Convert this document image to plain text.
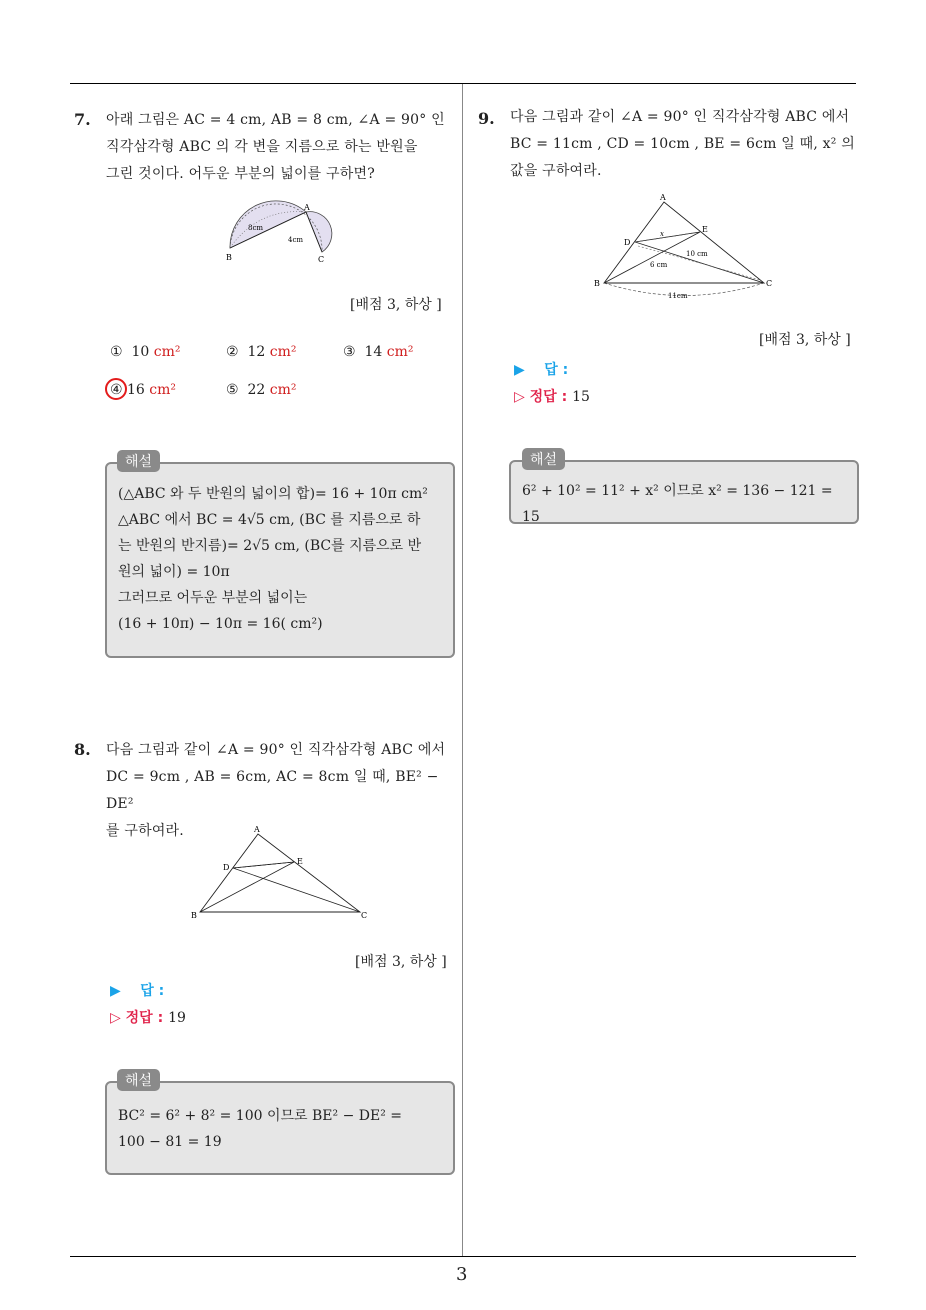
7. 아래 그림은 AC = 4 cm, AB = 8 cm, ∠A = 90° 인
직각삼각형 ABC 의 각 변을 지름으로 하는 반원을
그린 것이다. 어두운 부분의 넓이를 구하면?
A
B	C
8cm
4cm
[배점 3, 하상 ]
① 10 cm²	② 12 cm²	③ 14 cm²
④ 16 cm²	⑤ 22 cm²
해설
(△ABC 와 두 반원의 넓이의 합)= 16 + 10π cm²
△ABC 에서 BC = 4√5 cm, (BC 를 지름으로 하
는 반원의 반지름)= 2√5 cm, (BC를 지름으로 반
원의 넓이) = 10π
그러므로 어두운 부분의 넓이는
(16 + 10π) − 10π = 16( cm²)
8. 다음 그림과 같이 ∠A = 90° 인 직각삼각형 ABC 에서
DC = 9cm , AB = 6cm, AC = 8cm 일 때, BE² − DE²
를 구하여라.	A
B	C
D
E
[배점 3, 하상 ]
▶ 답 :
▷ 정답 : 19
해설
BC² = 6² + 8² = 100 이므로 BE² − DE² =
100 − 81 = 19
9. 다음 그림과 같이 ∠A = 90° 인 직각삼각형 ABC 에서
BC = 11cm , CD = 10cm , BE = 6cm 일 때, x² 의
값을 구하여라.
A
B	C
D
E
x
10 cm
6 cm
11cm
[배점 3, 하상 ]
▶ 답 :
▷ 정답 : 15
해설
6² + 10² = 11² + x² 이므로 x² = 136 − 121 = 15
3
